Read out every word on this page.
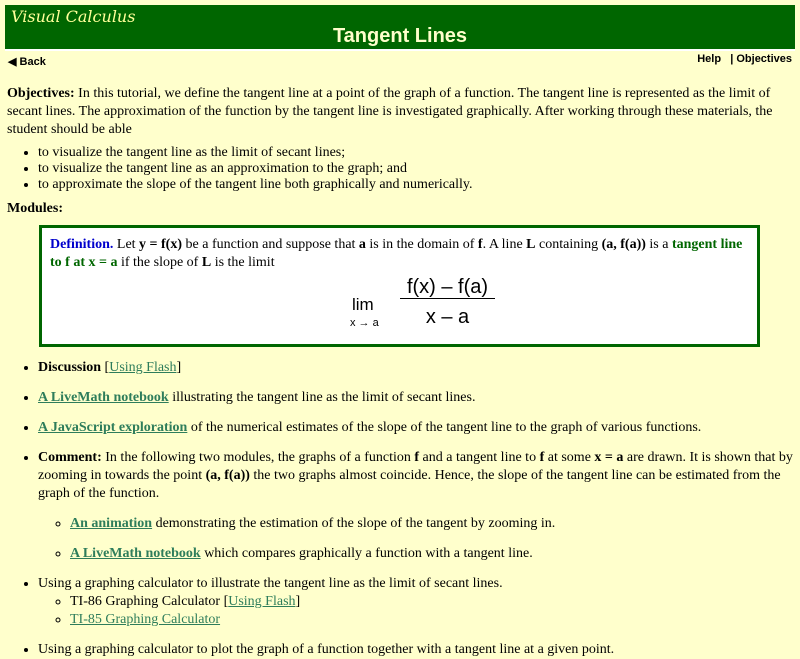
Visual Calculus
Tangent Lines
◀ Back	Help | Objectives

Objectives: In this tutorial, we define the tangent line at a point of the graph of a function. The tangent line is represented as the limit of secant lines. The approximation of the function by the tangent line is investigated graphically. After working through these materials, the student should be able

• to visualize the tangent line as the limit of secant lines;
• to visualize the tangent line as an approximation to the graph; and
• to approximate the slope of the tangent line both graphically and numerically.

Modules:

Definition. Let y = f(x) be a function and suppose that a is in the domain of f. A line L containing (a, f(a)) is a tangent line to f at x = a if the slope of L is the limit
lim
x → a
f(x) – f(a)
x – a
• Discussion [Using Flash]
• A LiveMath notebook illustrating the tangent line as the limit of secant lines.
• A JavaScript exploration of the numerical estimates of the slope of the tangent line to the graph of various functions.
• Comment: In the following two modules, the graphs of a function f and a tangent line to f at some x = a are drawn. It is shown that by zooming in towards the point (a, f(a)) the two graphs almost coincide. Hence, the slope of the tangent line can be estimated from the graph of the function.
◦ An animation demonstrating the estimation of the slope of the tangent by zooming in.
◦ A LiveMath notebook which compares graphically a function with a tangent line.
• Using a graphing calculator to illustrate the tangent line as the limit of secant lines.
◦ TI-86 Graphing Calculator [Using Flash]
◦ TI-85 Graphing Calculator
• Using a graphing calculator to plot the graph of a function together with a tangent line at a given point.
